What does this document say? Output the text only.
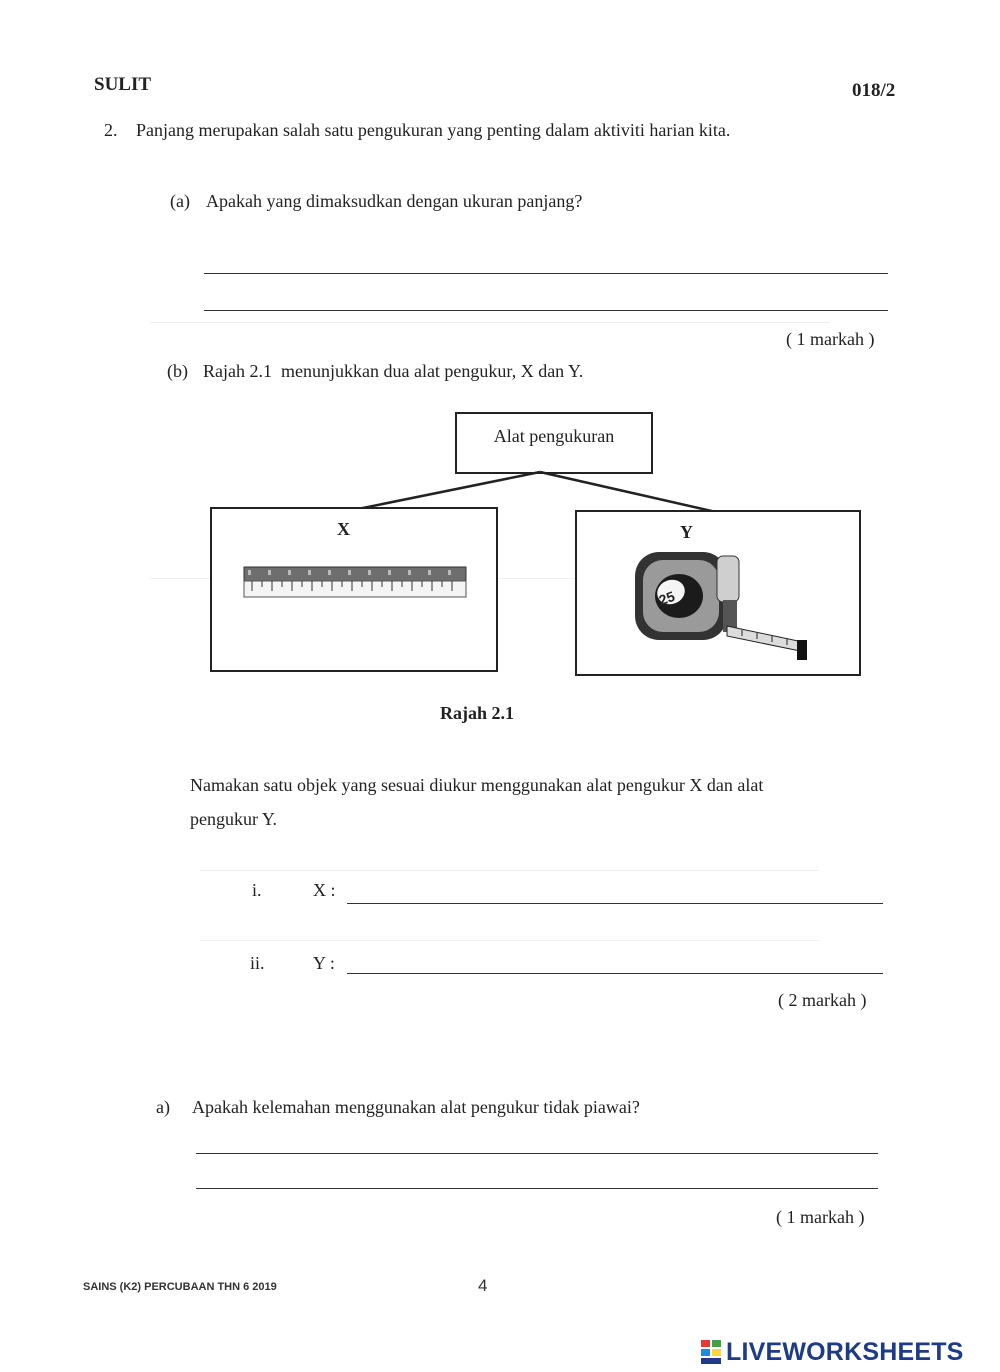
SULIT	018/2
2. Panjang merupakan salah satu pengukuran yang penting dalam aktiviti harian kita.
(a) Apakah yang dimaksudkan dengan ukuran panjang?
( 1 markah )
(b) Rajah 2.1  menunjukkan dua alat pengukur, X dan Y.
Alat pengukuran
X	Y
25
Rajah 2.1
Namakan satu objek yang sesuai diukur menggunakan alat pengukur X dan alat
pengukur Y.
i.	X :
ii.	Y :
( 2 markah )
a) Apakah kelemahan menggunakan alat pengukur tidak piawai?
( 1 markah )
SAINS (K2) PERCUBAAN THN 6 2019	4
LIVEWORKSHEETS
